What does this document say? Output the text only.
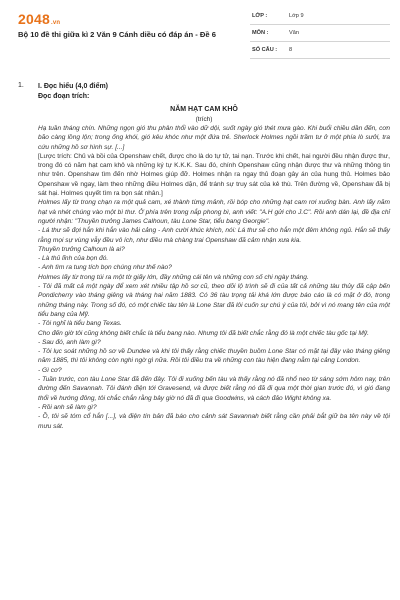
2048.vn
Bộ 10 đề thi giữa kì 2 Văn 9 Cánh diều có đáp án - Đề 6
LỚP :	Lớp 9
MÔN :	Văn
SỐ CÂU :	8
1. I. Đọc hiểu (4,0 điểm)
Đọc đoạn trích:
NĂM HẠT CAM KHÔ
(trích)

Hạ tuần tháng chín. Những ngọn gió thu phân thổi vào dữ dội, suốt ngày gió thét mưa gào. Khi buổi chiều dần đến, cơn bão càng lồng lộn; trong ống khói, gió kêu khóc như một đứa trẻ. Sherlock Holmes ngồi trầm tư ở một phía lò sưởi, tra cứu những hồ sơ hình sự. [...]

[Lược trích: Chủ và bồi của Openshaw chết, được cho là do tự tử, tai nạn. Trước khi chết, hai người đều nhận được thư, trong đó có năm hạt cam khô và những ký tự K.K.K. Sau đó, chính Openshaw cũng nhận được thư và những thông tin như trên. Openshaw tìm đến nhờ Holmes giúp đỡ. Holmes nhận ra ngay thủ đoạn gây án của hung thủ. Holmes bảo Openshaw về ngay, làm theo những điều Holmes dặn, để tránh sự truy sát của kẻ thù. Trên đường về, Openshaw đã bị sát hại. Holmes quyết tìm ra bọn sát nhân.]

Holmes lấy từ trong chạn ra một quả cam, xé thành từng mảnh, rồi bóp cho những hạt cam rơi xuống bàn. Anh lấy năm hạt và nhét chúng vào một bì thư. Ở phía trên trong nắp phong bì, anh viết: "A.H gửi cho J.C". Rồi anh dán lại, đề địa chỉ người nhận: "Thuyền trưởng James Calhoun, tàu Lone Star, tiểu bang Georgie".

- Lá thư sẽ đợi hắn khi hắn vào hải cảng - Anh cười khúc khích, nói: Lá thư sẽ cho hắn một đêm không ngủ. Hắn sẽ thấy rằng mọi sự vùng vẫy đều vô ích, như điều mà chàng trai Openshaw đã cảm nhận xưa kia.

Thuyền trưởng Calhoun là ai?

- Là thủ lĩnh của bọn đó.

- Anh tìm ra tung tích bọn chúng như thế nào?

Holmes lấy từ trong túi ra một tờ giấy lớn, đầy những cái tên và những con số chi ngày tháng.

- Tôi đã mất cả một ngày để xem xét nhiều tập hồ sơ cũ, theo dõi lộ trình sẽ đi của tất cả những tàu thủy đã cập bến Pondicherry vào tháng giêng và tháng hai năm 1883. Có 36 tàu trọng tải khá lớn được báo cáo là có mặt ở đó, trong những tháng này. Trong số đó, có một chiếc tàu tên là Lone Star đã lôi cuốn sự chú ý của tôi, bởi vì nó mang tên của một tiểu bang của Mỹ.

- Tôi nghĩ là tiểu bang Texas.

Cho đến giờ tôi cũng không biết chắc là tiểu bang nào. Nhưng tôi đã biết chắc rằng đó là một chiếc tàu gốc tại Mỹ.

- Sau đó, anh làm gì?

- Tôi lục soát những hồ sơ về Dundee và khi tôi thấy rằng chiếc thuyền buồm Lone Star có mặt tại đây vào tháng giêng năm 1885, thì tôi không còn nghi ngờ gì nữa. Rồi tôi điều tra về những con tàu hiện đang nằm tại cảng London.

- Gì cơ?

- Tuần trước, con tàu Lone Star đã đến đây. Tôi đi xuống bến tàu và thấy rằng nó đã nhổ neo từ sáng sớm hôm nay, trên đường đến Savannah. Tôi đánh điện tới Gravesend, và được biết rằng nó đã đi qua một thời gian trước đó, vì gió đang thổi về hướng đông, tôi chắc chắn rằng bây giờ nó đã đi qua Goodwins, và cách đảo Wight không xa.

- Rồi anh sẽ làm gì?

- Ồ, tôi sẽ tóm cổ hắn [...], và điện tín bản đã báo cho cảnh sát Savannah biết rằng cần phải bắt giữ ba tên này về tội mưu sát.
